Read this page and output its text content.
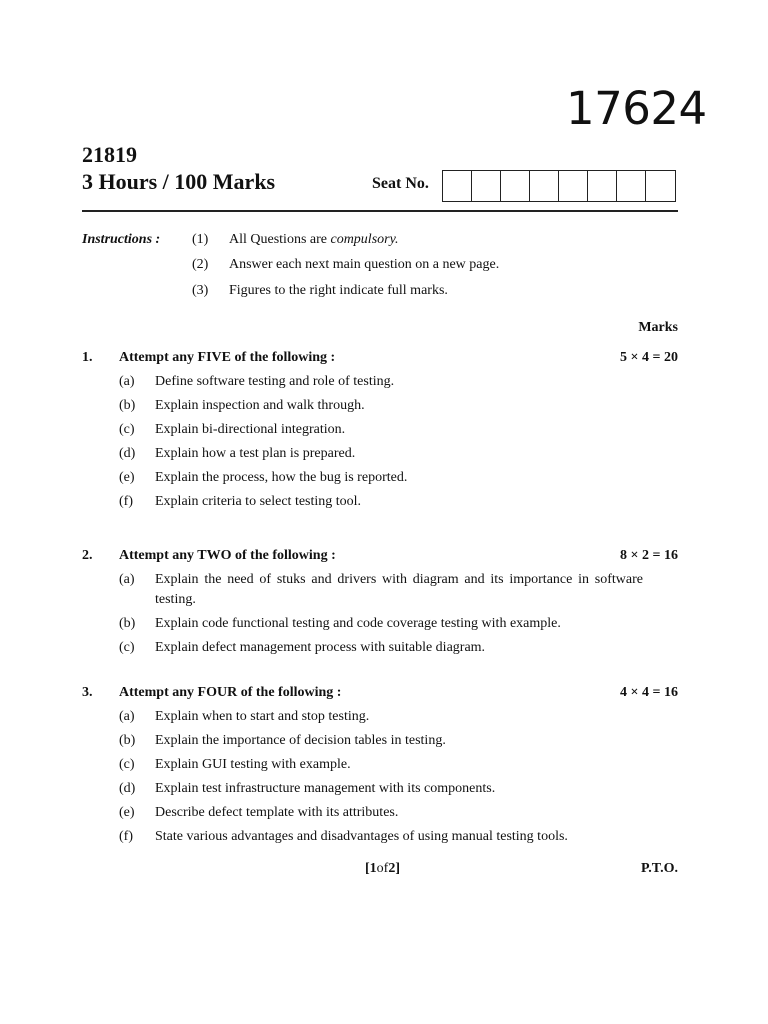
17624
21819
3 Hours / 100 Marks	Seat No.
Instructions : (1) All Questions are compulsory.
(2) Answer each next main question on a new page.
(3) Figures to the right indicate full marks.
Marks
1. Attempt any FIVE of the following :	5 × 4 = 20
(a) Define software testing and role of testing.
(b) Explain inspection and walk through.
(c) Explain bi-directional integration.
(d) Explain how a test plan is prepared.
(e) Explain the process, how the bug is reported.
(f) Explain criteria to select testing tool.
2. Attempt any TWO of the following :	8 × 2 = 16
(a) Explain the need of stuks and drivers with diagram and its importance in software testing.
(b) Explain code functional testing and code coverage testing with example.
(c) Explain defect management process with suitable diagram.
3. Attempt any FOUR of the following :	4 × 4 = 16
(a) Explain when to start and stop testing.
(b) Explain the importance of decision tables in testing.
(c) Explain GUI testing with example.
(d) Explain test infrastructure management with its components.
(e) Describe defect template with its attributes.
(f) State various advantages and disadvantages of using manual testing tools.
[1of2]	P.T.O.
